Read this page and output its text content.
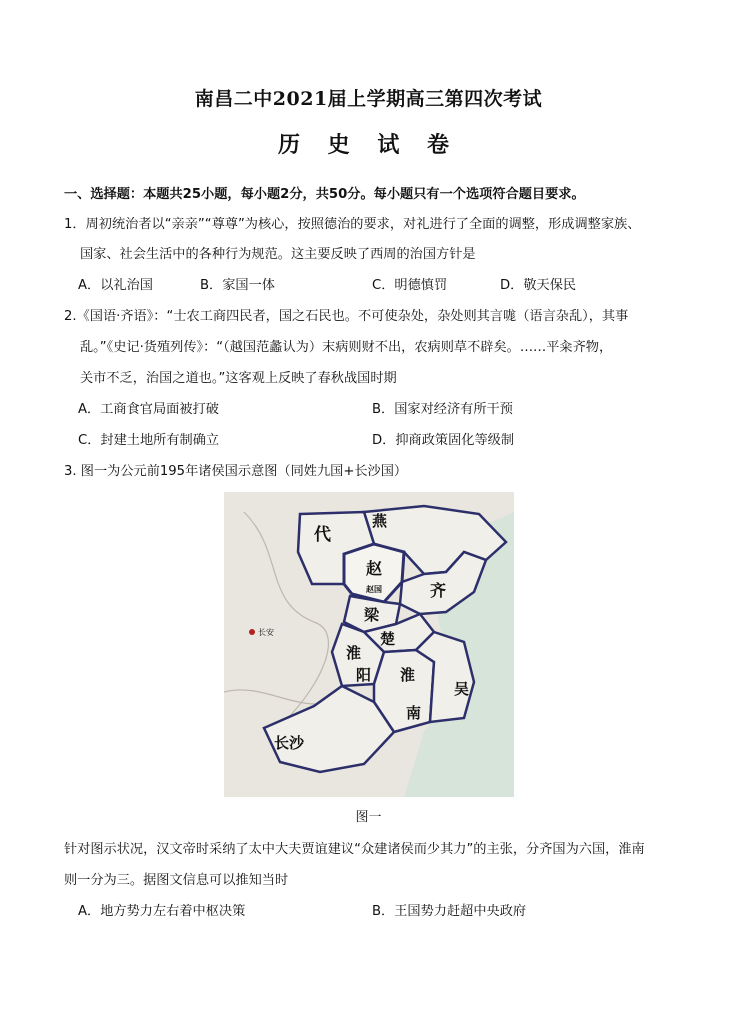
南昌二中2021届上学期高三第四次考试
历 史 试 卷
一、选择题：本题共25小题，每小题2分，共50分。每小题只有一个选项符合题目要求。
1．周初统治者以“亲亲”“尊尊”为核心，按照德治的要求，对礼进行了全面的调整，形成调整家族、
国家、社会生活中的各种行为规范。这主要反映了西周的治国方针是
A．以礼治国	B．家国一体	C．明德慎罚	D．敬天保民
2.《国语·齐语》：“士农工商四民者，国之石民也。不可使杂处，杂处则其言哤（语言杂乱），其事
乱。”《史记·货殖列传》：“（越国范蠡认为）末病则财不出，农病则草不辟矣。……平籴齐物，
关市不乏，治国之道也。”这客观上反映了春秋战国时期
A．工商食官局面被打破	B．国家对经济有所干预
C．封建土地所有制确立	D．抑商政策固化等级制
3. 图一为公元前195年诸侯国示意图（同姓九国+长沙国）
燕
代
赵
赵国	齐
梁
楚
淮
阳 淮
南
吴
长沙
长安
图一
针对图示状况，汉文帝时采纳了太中大夫贾谊建议“众建诸侯而少其力”的主张，分齐国为六国，淮南
则一分为三。据图文信息可以推知当时
A．地方势力左右着中枢决策	B．王国势力赶超中央政府
